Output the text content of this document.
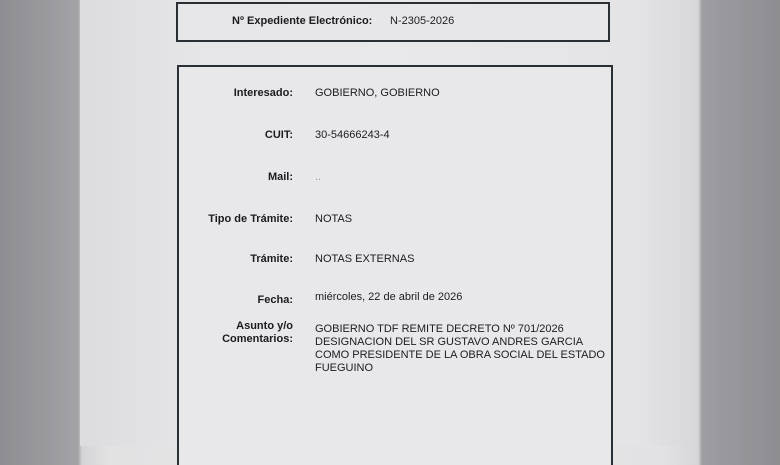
Nº Expediente Electrónico: N-2305-2026
Interesado: GOBIERNO, GOBIERNO
CUIT: 30-54666243-4
Mail: ..
Tipo de Trámite: NOTAS
Trámite: NOTAS EXTERNAS
Fecha: miércoles, 22 de abril de 2026
Asunto y/o
Comentarios:
GOBIERNO TDF REMITE DECRETO Nº 701/2026 DESIGNACION DEL SR GUSTAVO ANDRES GARCIA COMO PRESIDENTE DE LA OBRA SOCIAL DEL ESTADO FUEGUINO
